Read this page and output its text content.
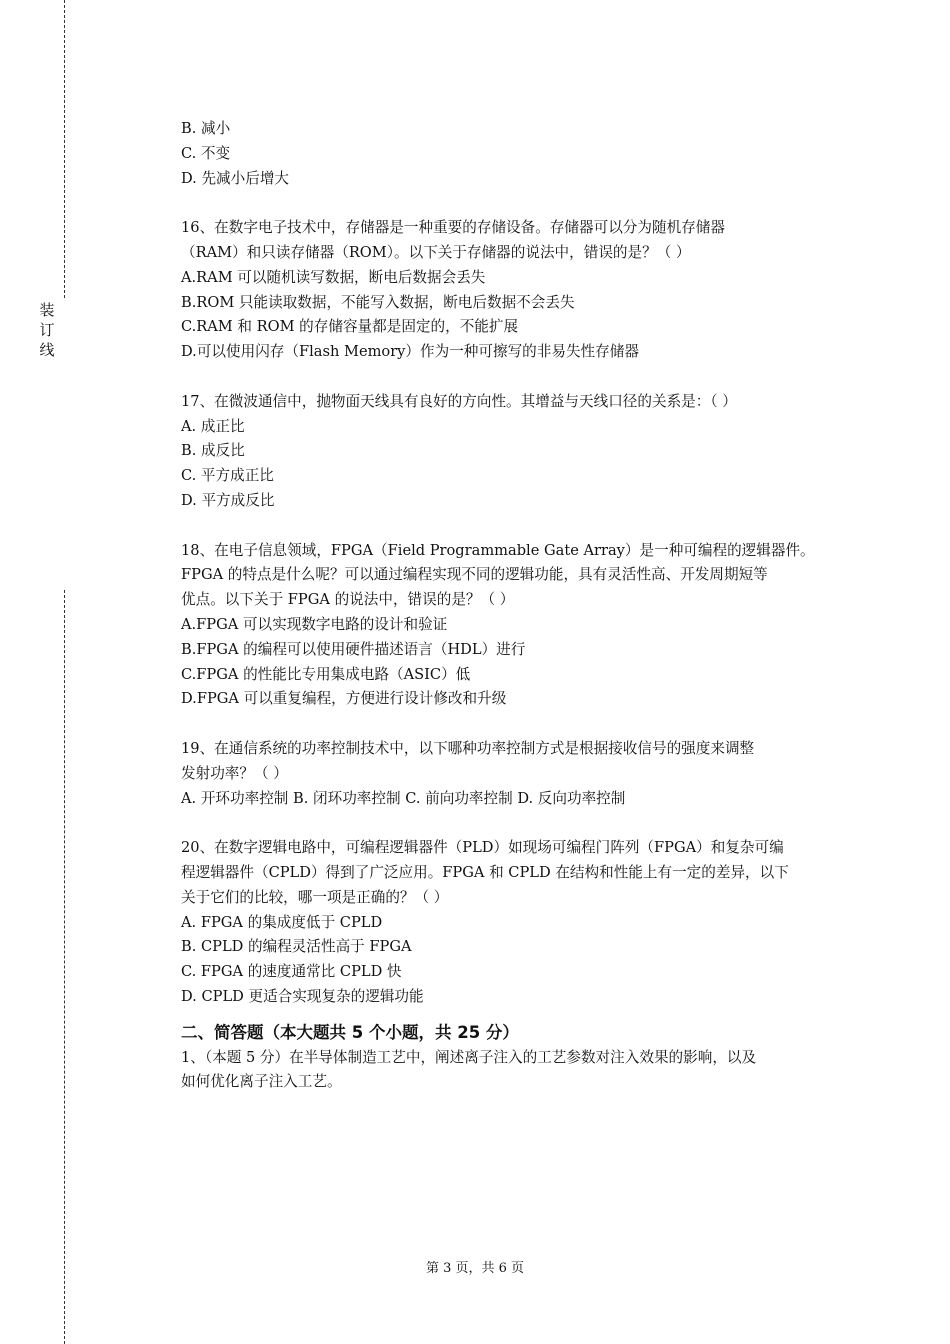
装
订
线
B. 减小
C. 不变
D. 先减小后增大
16、在数字电子技术中，存储器是一种重要的存储设备。存储器可以分为随机存储器
（RAM）和只读存储器（ROM）。以下关于存储器的说法中，错误的是？（ ）
A.RAM 可以随机读写数据，断电后数据会丢失
B.ROM 只能读取数据，不能写入数据，断电后数据不会丢失
C.RAM 和 ROM 的存储容量都是固定的，不能扩展
D.可以使用闪存（Flash Memory）作为一种可擦写的非易失性存储器
17、在微波通信中，抛物面天线具有良好的方向性。其增益与天线口径的关系是：（ ）
A. 成正比
B. 成反比
C. 平方成正比
D. 平方成反比
18、在电子信息领域，FPGA（Field Programmable Gate Array）是一种可编程的逻辑器件。
FPGA 的特点是什么呢？可以通过编程实现不同的逻辑功能，具有灵活性高、开发周期短等
优点。以下关于 FPGA 的说法中，错误的是？（ ）
A.FPGA 可以实现数字电路的设计和验证
B.FPGA 的编程可以使用硬件描述语言（HDL）进行
C.FPGA 的性能比专用集成电路（ASIC）低
D.FPGA 可以重复编程，方便进行设计修改和升级
19、在通信系统的功率控制技术中，以下哪种功率控制方式是根据接收信号的强度来调整
发射功率？（ ）
A. 开环功率控制 B. 闭环功率控制 C. 前向功率控制 D. 反向功率控制
20、在数字逻辑电路中，可编程逻辑器件（PLD）如现场可编程门阵列（FPGA）和复杂可编
程逻辑器件（CPLD）得到了广泛应用。FPGA 和 CPLD 在结构和性能上有一定的差异，以下
关于它们的比较，哪一项是正确的？（ ）
A. FPGA 的集成度低于 CPLD
B. CPLD 的编程灵活性高于 FPGA
C. FPGA 的速度通常比 CPLD 快
D. CPLD 更适合实现复杂的逻辑功能
二、简答题（本大题共 5 个小题，共 25 分）
1、（本题 5 分）在半导体制造工艺中，阐述离子注入的工艺参数对注入效果的影响，以及
如何优化离子注入工艺。
第 3 页，共 6 页
